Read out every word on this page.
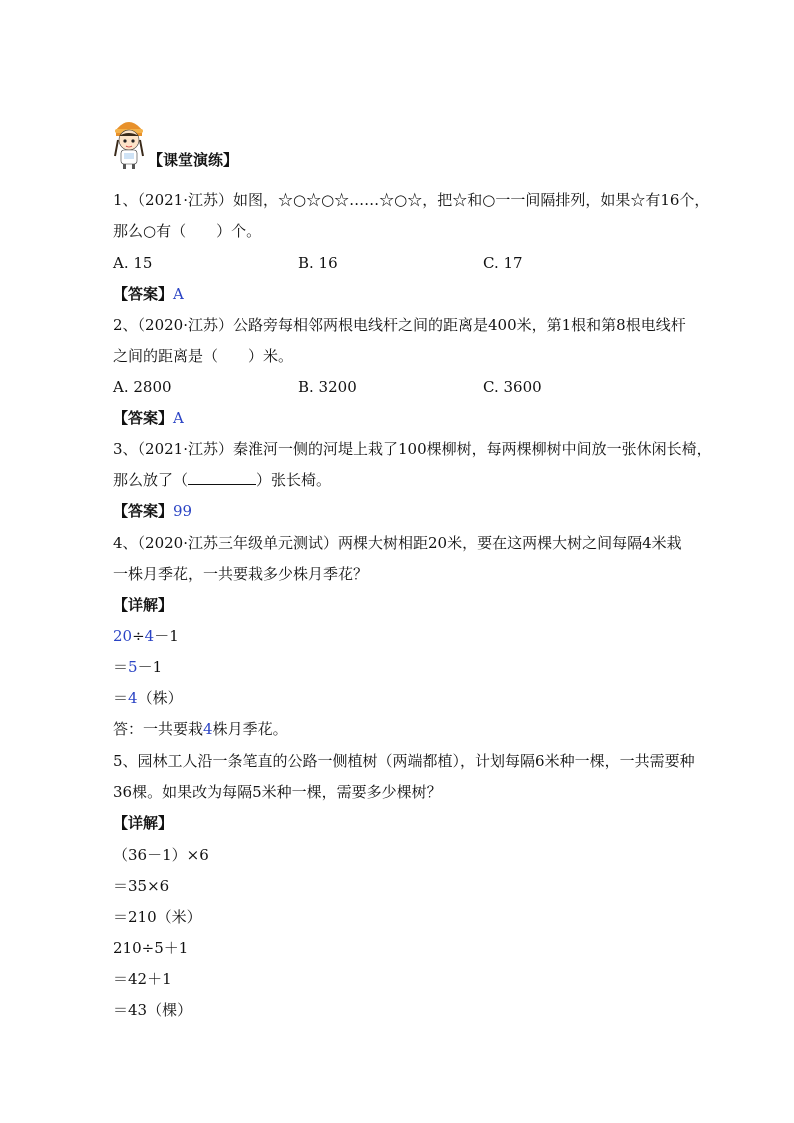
【课堂演练】
1、（2021·江苏）如图，☆○☆○☆……☆○☆，把☆和○一一间隔排列，如果☆有16个，
那么○有（　　）个。
A. 15	B. 16	C. 17
【答案】A
2、（2020·江苏）公路旁每相邻两根电线杆之间的距离是400米，第1根和第8根电线杆
之间的距离是（　　）米。
A. 2800	B. 3200	C. 3600
【答案】A
3、（2021·江苏）秦淮河一侧的河堤上栽了100棵柳树，每两棵柳树中间放一张休闲长椅，
那么放了（	）张长椅。
【答案】99
4、（2020·江苏三年级单元测试）两棵大树相距20米，要在这两棵大树之间每隔4米栽
一株月季花，一共要栽多少株月季花？
【详解】
20÷4－1
＝5－1
＝4（株）
答：一共要栽4株月季花。
5、园林工人沿一条笔直的公路一侧植树（两端都植），计划每隔6米种一棵，一共需要种
36棵。如果改为每隔5米种一棵，需要多少棵树？
【详解】
（36－1）×6
＝35×6
＝210（米）
210÷5＋1
＝42＋1
＝43（棵）
